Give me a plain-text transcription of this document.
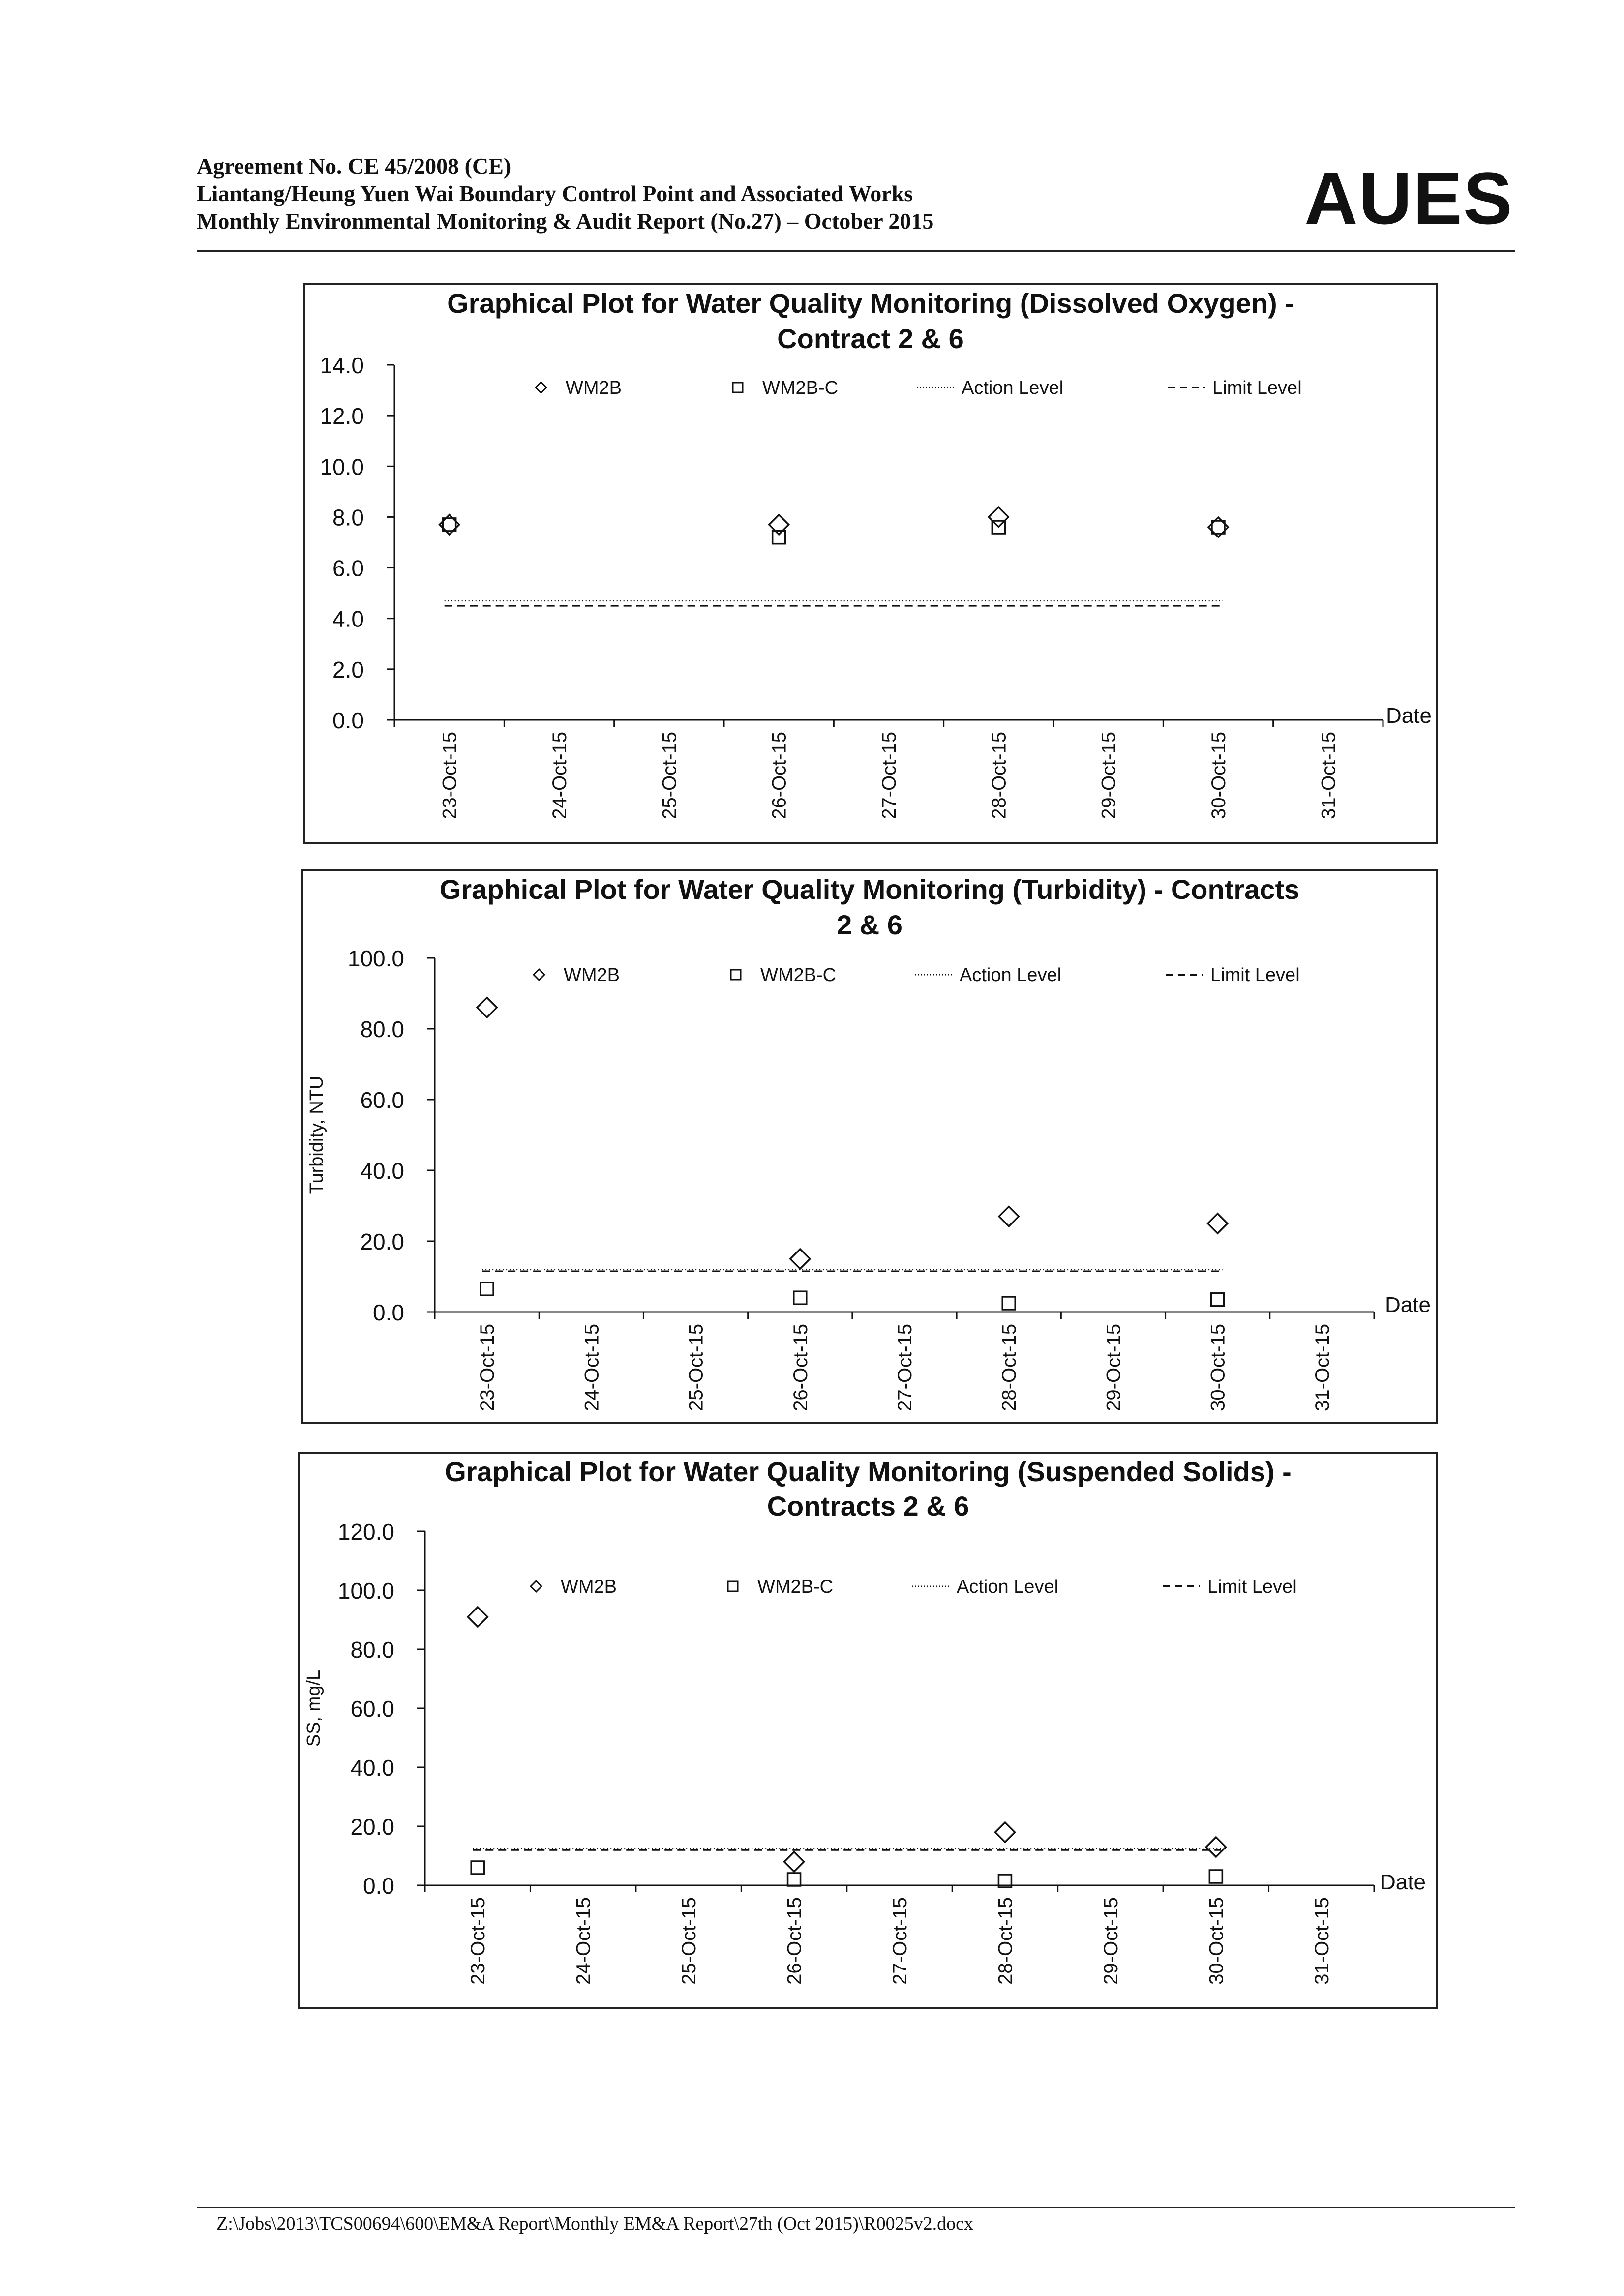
Agreement No. CE 45/2008 (CE)
Liantang/Heung Yuen Wai Boundary Control Point and Associated Works
Monthly Environmental Monitoring & Audit Report (No.27) – October 2015	AUES
Graphical Plot for Water Quality Monitoring (Dissolved Oxygen) -
Contract 2 & 6
WM2B	WM2B-C	Action Level	Limit Level
0.0
2.0
4.0
6.0
8.0
10.0
12.0
14.0
23-Oct-15	24-Oct-15	25-Oct-15	26-Oct-15	27-Oct-15	28-Oct-15	29-Oct-15	30-Oct-15	31-Oct-15
Date
Graphical Plot for Water Quality Monitoring (Turbidity) - Contracts
2 & 6
WM2B	WM2B-C	Action Level	Limit Level
0.0
20.0
40.0
60.0
80.0
100.0
23-Oct-15	24-Oct-15	25-Oct-15	26-Oct-15	27-Oct-15	28-Oct-15	29-Oct-15	30-Oct-15	31-Oct-15
Date
Turbidity, NTU
Graphical Plot for Water Quality Monitoring (Suspended Solids) -
Contracts 2 & 6
WM2B	WM2B-C	Action Level	Limit Level
0.0
20.0
40.0
60.0
80.0
100.0
120.0
23-Oct-15	24-Oct-15	25-Oct-15	26-Oct-15	27-Oct-15	28-Oct-15	29-Oct-15	30-Oct-15	31-Oct-15
Date
SS, mg/L
Z:\Jobs\2013\TCS00694\600\EM&A Report\Monthly EM&A Report\27th (Oct 2015)\R0025v2.docx
